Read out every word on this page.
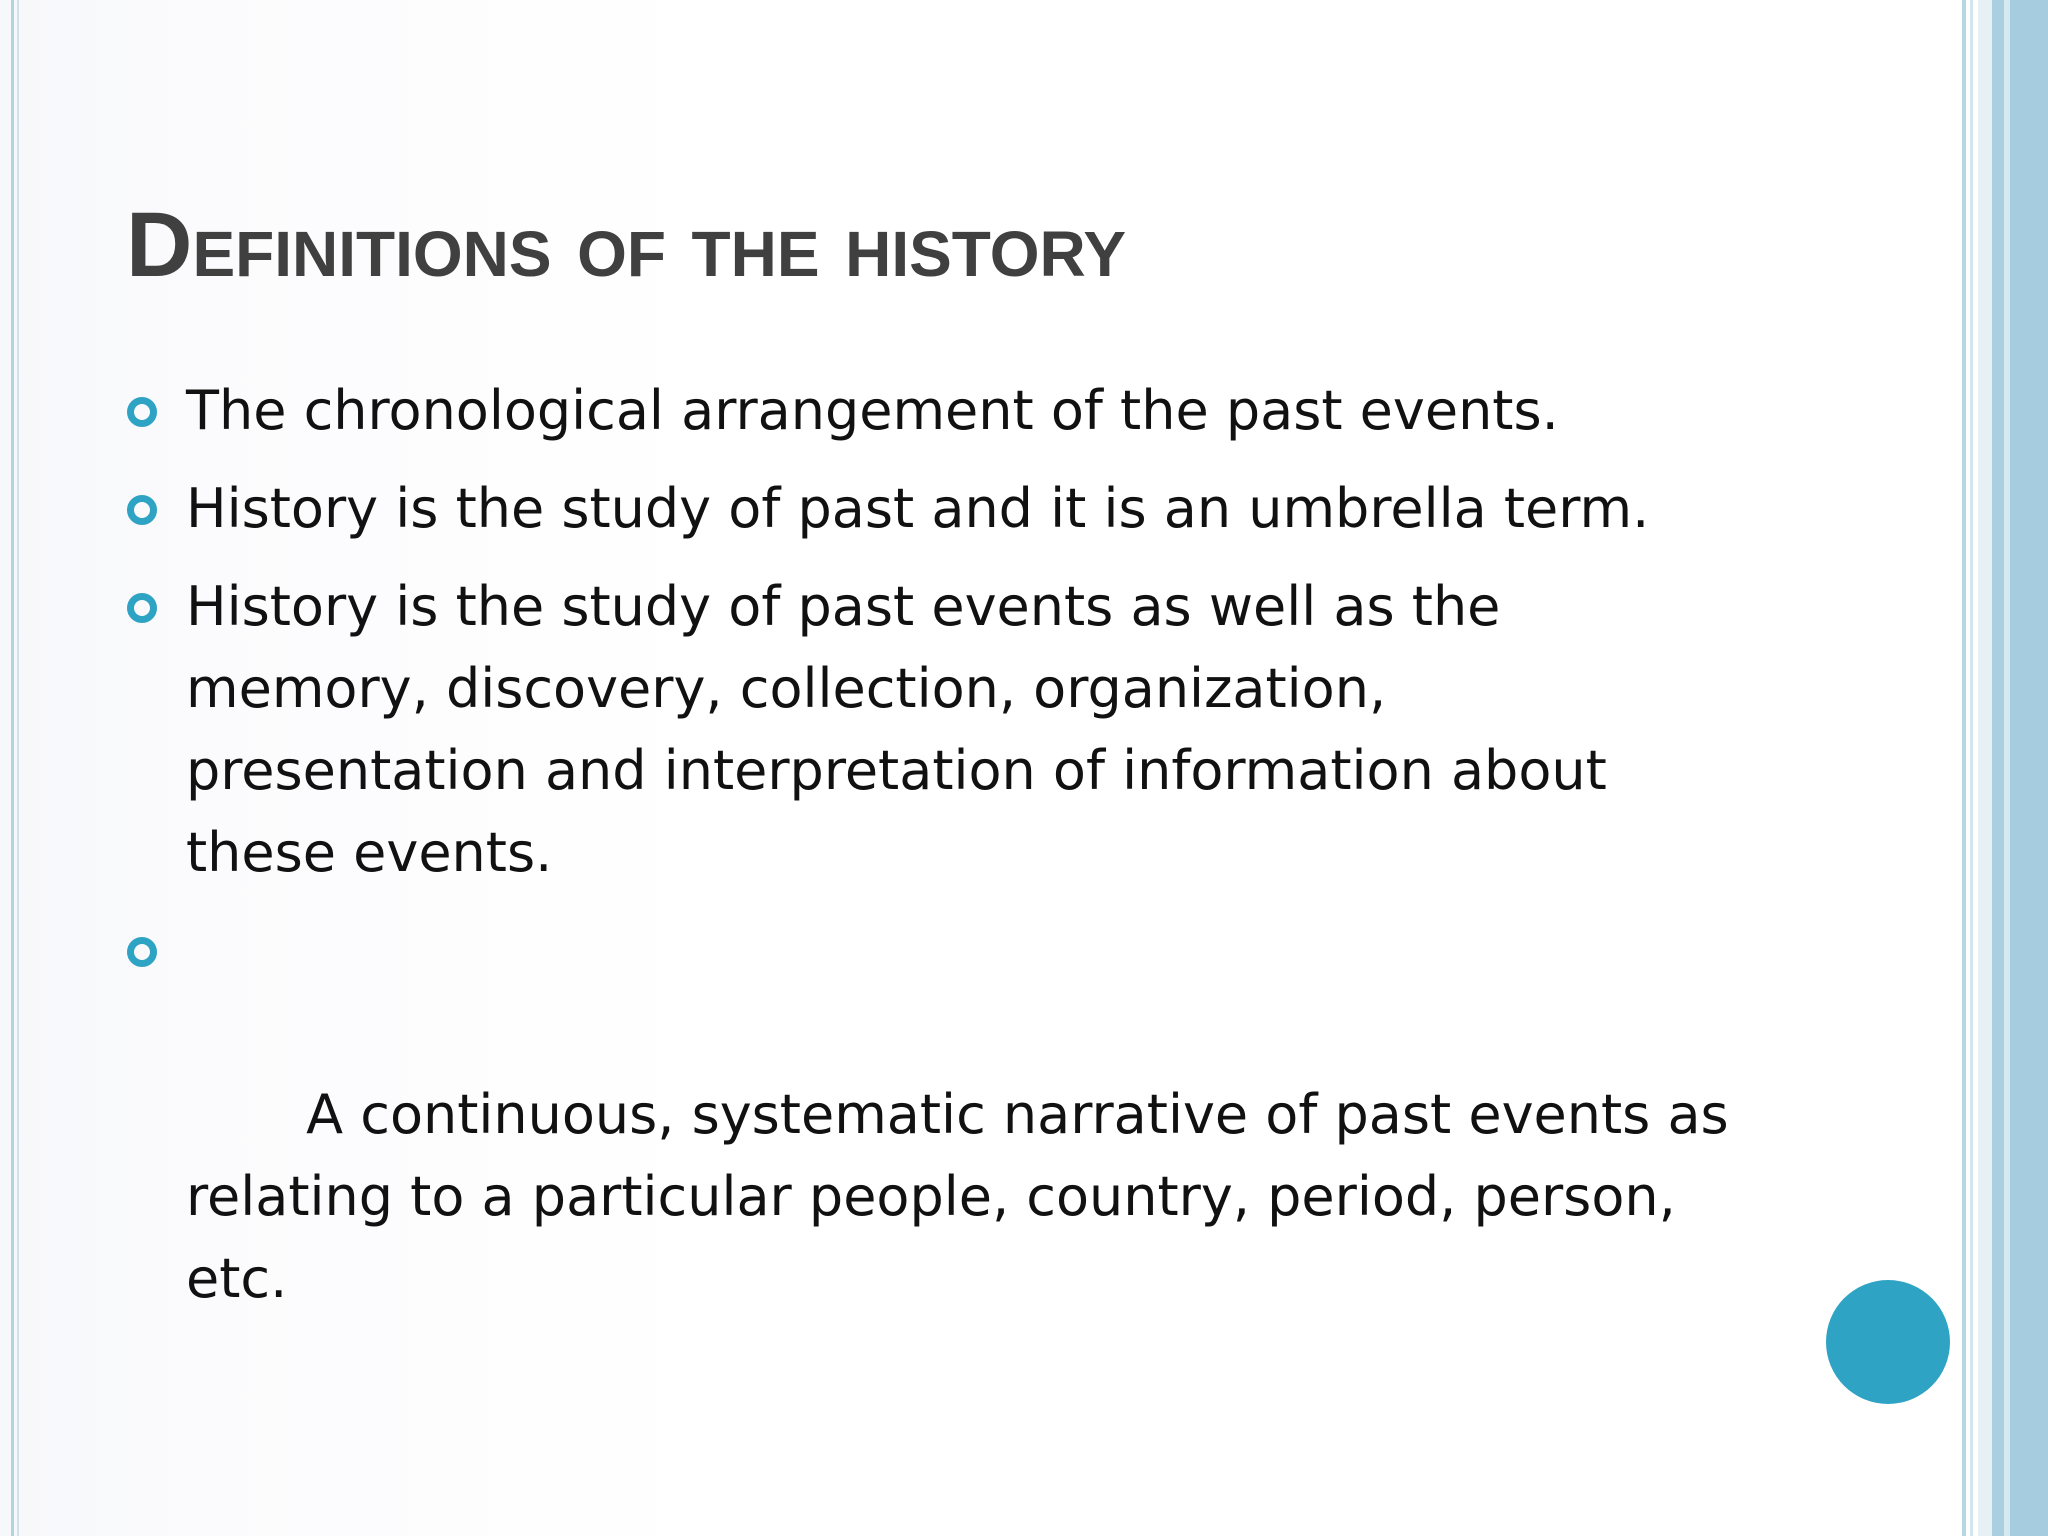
Definitions of the history
The chronological arrangement of the past events.
History is the study of past and it is an umbrella term.
History is the study of past events as well as the memory, discovery, collection, organization, presentation and interpretation of information about these events.

A continuous, systematic narrative of past events as relating to a particular people, country, period, person, etc.
